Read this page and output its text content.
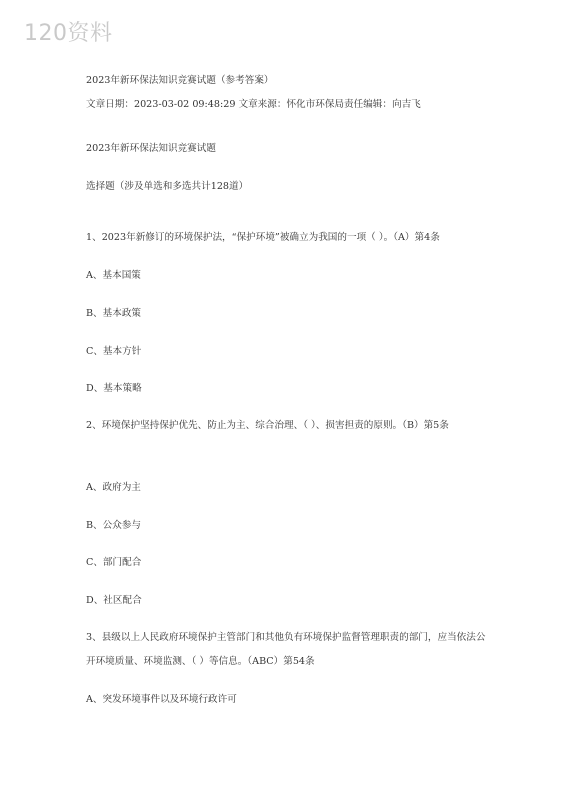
120资料
2023年新环保法知识竞赛试题（参考答案）
文章日期：2023-03-02 09:48:29 文章来源：怀化市环保局责任编辑：向吉飞
2023年新环保法知识竞赛试题
选择题（涉及单选和多选共计128道）
1、2023年新修订的环境保护法，“保护环境”被确立为我国的一项（ ）。（A）第4条
A、基本国策
B、基本政策
C、基本方针
D、基本策略
2、环境保护坚持保护优先、防止为主、综合治理、（ ）、损害担责的原则。（B）第5条
A、政府为主
B、公众参与
C、部门配合
D、社区配合
3、县级以上人民政府环境保护主管部门和其他负有环境保护监督管理职责的部门，应当依法公开环境质量、环境监测、（ ）等信息。（ABC）第54条
A、突发环境事件以及环境行政许可
